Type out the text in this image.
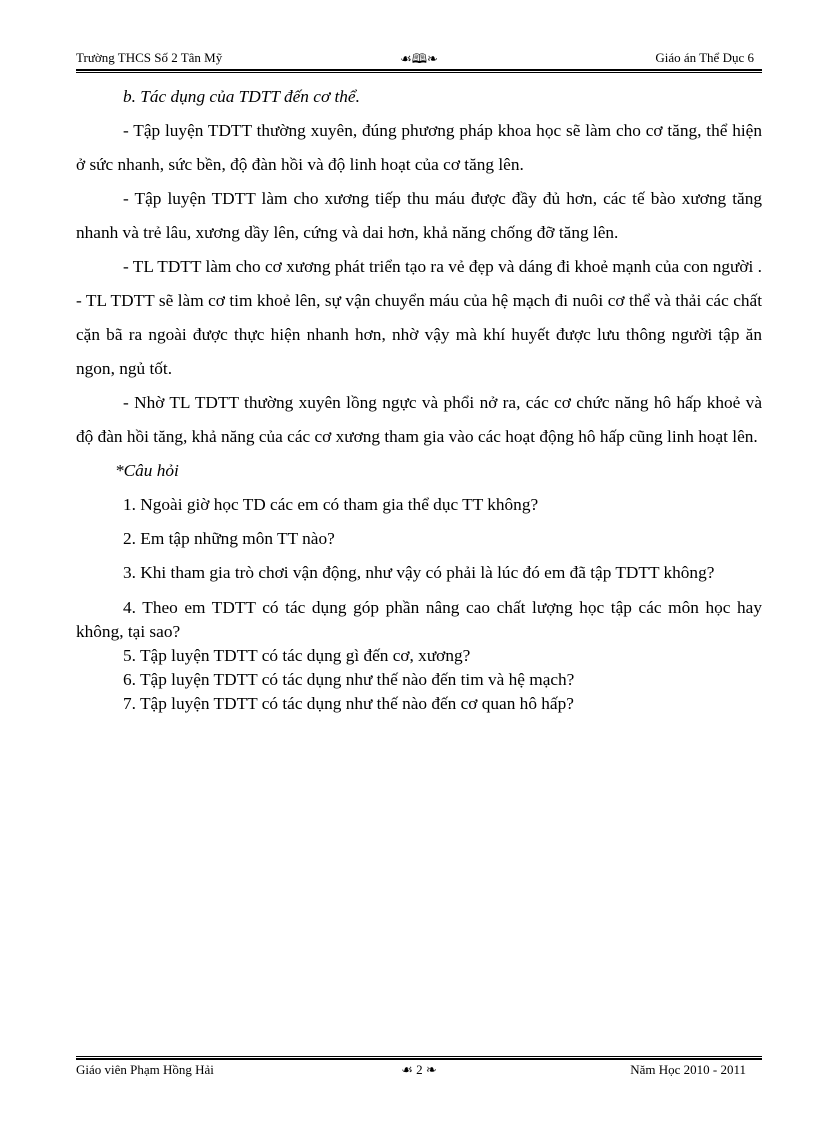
Trường THCS Số 2 Tân Mỹ	☙🕮❧	Giáo án Thể Dục 6

b. Tác dụng của TDTT đến cơ thể.

- Tập luyện TDTT thường xuyên, đúng phương pháp khoa học sẽ làm cho cơ tăng, thể hiện ở sức nhanh, sức bền, độ đàn hồi và độ linh hoạt của cơ tăng lên.

- Tập luyện TDTT làm cho xương tiếp thu máu được đầy đủ hơn, các tế bào xương tăng nhanh và trẻ lâu, xương dầy lên, cứng và dai hơn, khả năng chống đỡ tăng lên.

- TL TDTT làm cho cơ xương phát triển tạo ra vẻ đẹp và dáng đi khoẻ mạnh của con người . - TL TDTT sẽ làm cơ tim khoẻ lên, sự vận chuyển máu của hệ mạch đi nuôi cơ thể và thải các chất cặn bã ra ngoài được thực hiện nhanh hơn, nhờ vậy mà khí huyết được lưu thông người tập ăn ngon, ngủ tốt.

- Nhờ TL TDTT thường xuyên lồng ngực và phổi nở ra, các cơ chức năng hô hấp khoẻ và độ đàn hồi tăng, khả năng của các cơ xương tham gia vào các hoạt động hô hấp cũng linh hoạt lên.

*Câu hỏi

1. Ngoài giờ học TD các em có tham gia thể dục TT không?

2. Em tập những môn TT nào?

3. Khi tham gia trò chơi vận động, như vậy có phải là lúc đó em đã tập TDTT không?

4. Theo em TDTT có tác dụng góp phần nâng cao chất lượng học tập các môn học hay không, tại sao?

5. Tập luyện TDTT có tác dụng gì đến cơ, xương?

6. Tập luyện TDTT có tác dụng như thế nào đến tim và hệ mạch?

7. Tập luyện TDTT có tác dụng như thế nào đến cơ quan hô hấp?

Giáo viên Phạm Hồng Hải	☙ 2 ❧	Năm Học 2010 - 2011
